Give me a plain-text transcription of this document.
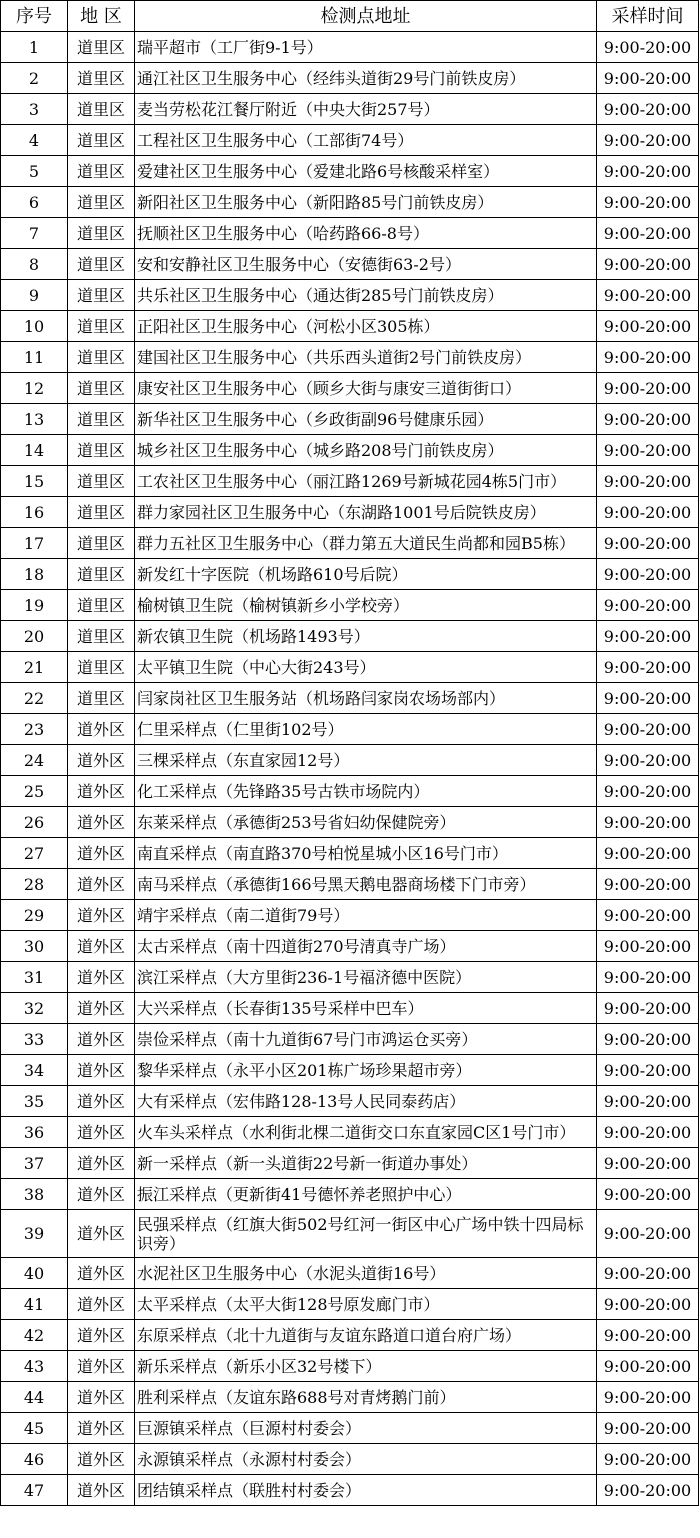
序号	地 区	检测点地址	采样时间
1	道里区	瑞平超市（工厂街9-1号）	9:00-20:00
2	道里区	通江社区卫生服务中心（经纬头道街29号门前铁皮房）	9:00-20:00
3	道里区	麦当劳松花江餐厅附近（中央大街257号）	9:00-20:00
4	道里区	工程社区卫生服务中心（工部街74号）	9:00-20:00
5	道里区	爱建社区卫生服务中心（爱建北路6号核酸采样室）	9:00-20:00
6	道里区	新阳社区卫生服务中心（新阳路85号门前铁皮房）	9:00-20:00
7	道里区	抚顺社区卫生服务中心（哈药路66-8号）	9:00-20:00
8	道里区	安和安静社区卫生服务中心（安德街63-2号）	9:00-20:00
9	道里区	共乐社区卫生服务中心（通达街285号门前铁皮房）	9:00-20:00
10	道里区	正阳社区卫生服务中心（河松小区305栋）	9:00-20:00
11	道里区	建国社区卫生服务中心（共乐西头道街2号门前铁皮房）	9:00-20:00
12	道里区	康安社区卫生服务中心（顾乡大街与康安三道街街口）	9:00-20:00
13	道里区	新华社区卫生服务中心（乡政街副96号健康乐园）	9:00-20:00
14	道里区	城乡社区卫生服务中心（城乡路208号门前铁皮房）	9:00-20:00
15	道里区	工农社区卫生服务中心（丽江路1269号新城花园4栋5门市）	9:00-20:00
16	道里区	群力家园社区卫生服务中心（东湖路1001号后院铁皮房）	9:00-20:00
17	道里区	群力五社区卫生服务中心（群力第五大道民生尚都和园B5栋）	9:00-20:00
18	道里区	新发红十字医院（机场路610号后院）	9:00-20:00
19	道里区	榆树镇卫生院（榆树镇新乡小学校旁）	9:00-20:00
20	道里区	新农镇卫生院（机场路1493号）	9:00-20:00
21	道里区	太平镇卫生院（中心大街243号）	9:00-20:00
22	道里区	闫家岗社区卫生服务站（机场路闫家岗农场场部内）	9:00-20:00
23	道外区	仁里采样点（仁里街102号）	9:00-20:00
24	道外区	三棵采样点（东直家园12号）	9:00-20:00
25	道外区	化工采样点（先锋路35号古铁市场院内）	9:00-20:00
26	道外区	东莱采样点（承德街253号省妇幼保健院旁）	9:00-20:00
27	道外区	南直采样点（南直路370号柏悦星城小区16号门市）	9:00-20:00
28	道外区	南马采样点（承德街166号黑天鹅电器商场楼下门市旁）	9:00-20:00
29	道外区	靖宇采样点（南二道街79号）	9:00-20:00
30	道外区	太古采样点（南十四道街270号清真寺广场）	9:00-20:00
31	道外区	滨江采样点（大方里街236-1号福济德中医院）	9:00-20:00
32	道外区	大兴采样点（长春街135号采样中巴车）	9:00-20:00
33	道外区	崇俭采样点（南十九道街67号门市鸿运仓买旁）	9:00-20:00
34	道外区	黎华采样点（永平小区201栋广场珍果超市旁）	9:00-20:00
35	道外区	大有采样点（宏伟路128-13号人民同泰药店）	9:00-20:00
36	道外区	火车头采样点（水利街北棵二道街交口东直家园C区1号门市）	9:00-20:00
37	道外区	新一采样点（新一头道街22号新一街道办事处）	9:00-20:00
38	道外区	振江采样点（更新街41号德怀养老照护中心）	9:00-20:00
39	道外区	民强采样点（红旗大街502号红河一街区中心广场中铁十四局标识旁）	9:00-20:00
40	道外区	水泥社区卫生服务中心（水泥头道街16号）	9:00-20:00
41	道外区	太平采样点（太平大街128号原发廊门市）	9:00-20:00
42	道外区	东原采样点（北十九道街与友谊东路道口道台府广场）	9:00-20:00
43	道外区	新乐采样点（新乐小区32号楼下）	9:00-20:00
44	道外区	胜利采样点（友谊东路688号对青烤鹅门前）	9:00-20:00
45	道外区	巨源镇采样点（巨源村村委会）	9:00-20:00
46	道外区	永源镇采样点（永源村村委会）	9:00-20:00
47	道外区	团结镇采样点（联胜村村委会）	9:00-20:00
